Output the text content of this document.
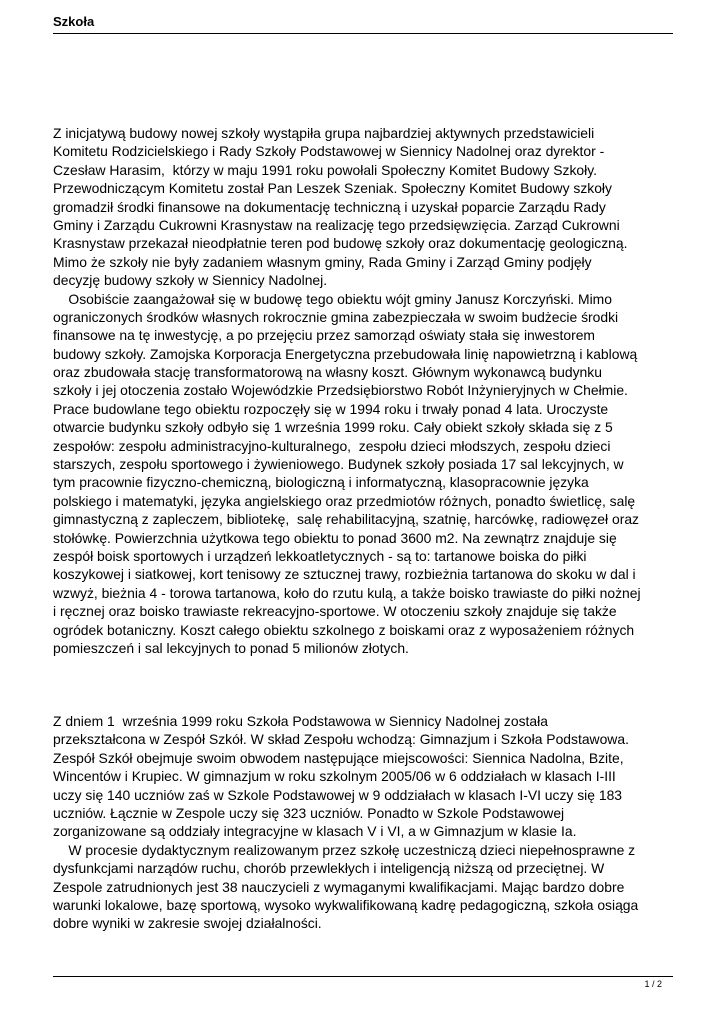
Szkoła
Z inicjatywą budowy nowej szkoły wystąpiła grupa najbardziej aktywnych przedstawicieli
Komitetu Rodzicielskiego i Rady Szkoły Podstawowej w Siennicy Nadolnej oraz dyrektor -
Czesław Harasim,  którzy w maju 1991 roku powołali Społeczny Komitet Budowy Szkoły.
Przewodniczącym Komitetu został Pan Leszek Szeniak. Społeczny Komitet Budowy szkoły
gromadził środki finansowe na dokumentację techniczną i uzyskał poparcie Zarządu Rady
Gminy i Zarządu Cukrowni Krasnystaw na realizację tego przedsięwzięcia. Zarząd Cukrowni
Krasnystaw przekazał nieodpłatnie teren pod budowę szkoły oraz dokumentację geologiczną.
Mimo że szkoły nie były zadaniem własnym gminy, Rada Gminy i Zarząd Gminy podjęły
decyzję budowy szkoły w Siennicy Nadolnej.
Osobiście zaangażował się w budowę tego obiektu wójt gminy Janusz Korczyński. Mimo
ograniczonych środków własnych rokrocznie gmina zabezpieczała w swoim budżecie środki
finansowe na tę inwestycję, a po przejęciu przez samorząd oświaty stała się inwestorem
budowy szkoły. Zamojska Korporacja Energetyczna przebudowała linię napowietrzną i kablową
oraz zbudowała stację transformatorową na własny koszt. Głównym wykonawcą budynku
szkoły i jej otoczenia zostało Wojewódzkie Przedsiębiorstwo Robót Inżynieryjnych w Chełmie.
Prace budowlane tego obiektu rozpoczęły się w 1994 roku i trwały ponad 4 lata. Uroczyste
otwarcie budynku szkoły odbyło się 1 września 1999 roku. Cały obiekt szkoły składa się z 5
zespołów: zespołu administracyjno-kulturalnego,  zespołu dzieci młodszych, zespołu dzieci
starszych, zespołu sportowego i żywieniowego. Budynek szkoły posiada 17 sal lekcyjnych, w
tym pracownie fizyczno-chemiczną, biologiczną i informatyczną, klasopracownie języka
polskiego i matematyki, języka angielskiego oraz przedmiotów różnych, ponadto świetlicę, salę
gimnastyczną z zapleczem, bibliotekę,  salę rehabilitacyjną, szatnię, harcówkę, radiowęzeł oraz
stołówkę. Powierzchnia użytkowa tego obiektu to ponad 3600 m2. Na zewnątrz znajduje się
zespół boisk sportowych i urządzeń lekkoatletycznych - są to: tartanowe boiska do piłki
koszykowej i siatkowej, kort tenisowy ze sztucznej trawy, rozbieżnia tartanowa do skoku w dal i
wzwyż, bieżnia 4 - torowa tartanowa, koło do rzutu kulą, a także boisko trawiaste do piłki nożnej
i ręcznej oraz boisko trawiaste rekreacyjno-sportowe. W otoczeniu szkoły znajduje się także
ogródek botaniczny. Koszt całego obiektu szkolnego z boiskami oraz z wyposażeniem różnych
pomieszczeń i sal lekcyjnych to ponad 5 milionów złotych.
Z dniem 1  września 1999 roku Szkoła Podstawowa w Siennicy Nadolnej została
przekształcona w Zespół Szkół. W skład Zespołu wchodzą: Gimnazjum i Szkoła Podstawowa.
Zespół Szkół obejmuje swoim obwodem następujące miejscowości: Siennica Nadolna, Bzite,
Wincentów i Krupiec. W gimnazjum w roku szkolnym 2005/06 w 6 oddziałach w klasach I-III
uczy się 140 uczniów zaś w Szkole Podstawowej w 9 oddziałach w klasach I-VI uczy się 183
uczniów. Łącznie w Zespole uczy się 323 uczniów. Ponadto w Szkole Podstawowej
zorganizowane są oddziały integracyjne w klasach V i VI, a w Gimnazjum w klasie Ia.
W procesie dydaktycznym realizowanym przez szkołę uczestniczą dzieci niepełnosprawne z
dysfunkcjami narządów ruchu, chorób przewlekłych i inteligencją niższą od przeciętnej. W
Zespole zatrudnionych jest 38 nauczycieli z wymaganymi kwalifikacjami. Mając bardzo dobre
warunki lokalowe, bazę sportową, wysoko wykwalifikowaną kadrę pedagogiczną, szkoła osiąga
dobre wyniki w zakresie swojej działalności.
1 / 2
